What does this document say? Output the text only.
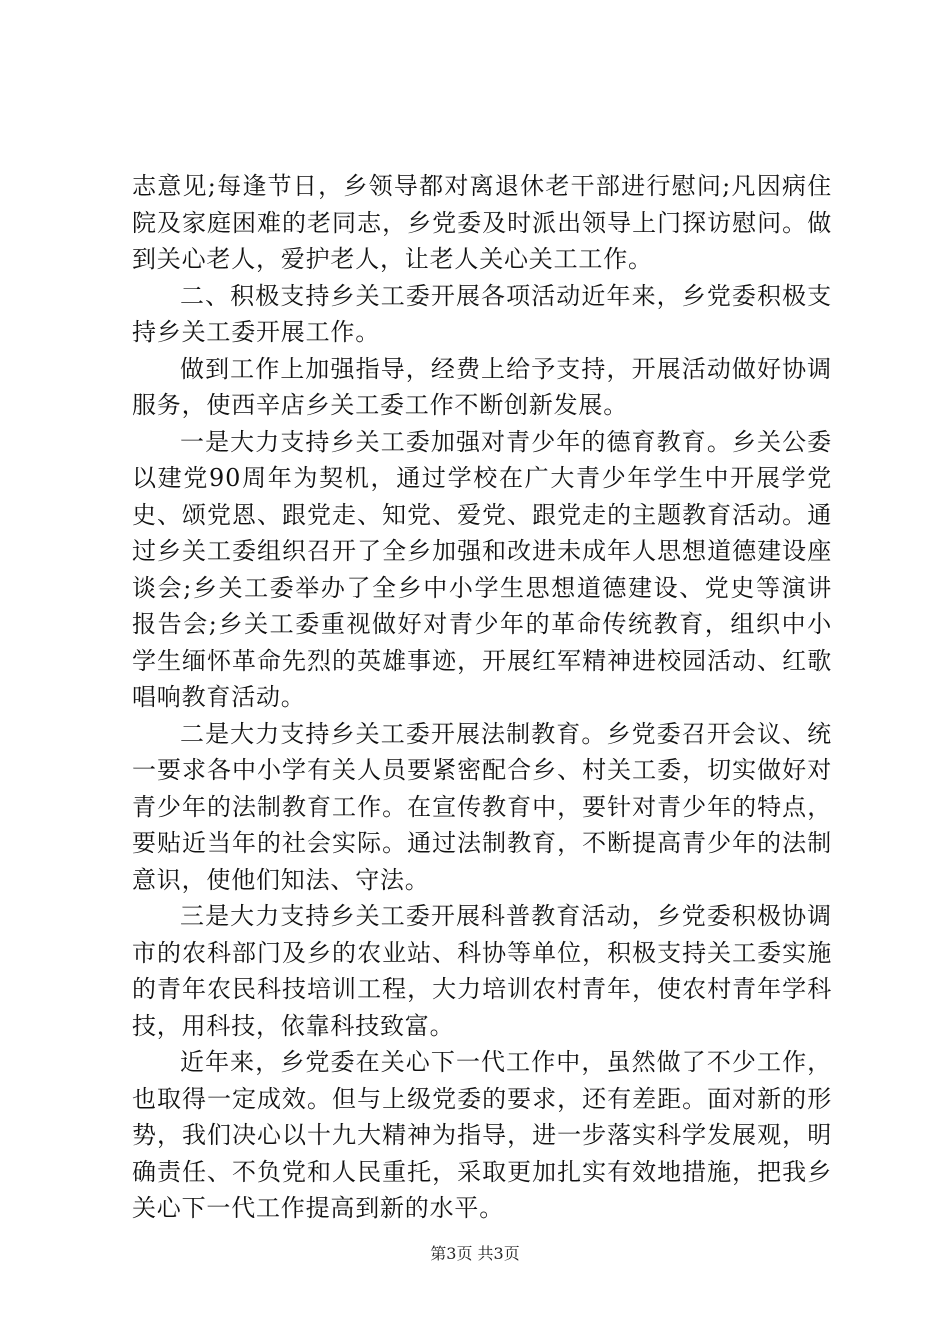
志意见;每逢节日，乡领导都对离退休老干部进行慰问;凡因病住院及家庭困难的老同志，乡党委及时派出领导上门探访慰问。做到关心老人，爱护老人，让老人关心关工工作。

二、积极支持乡关工委开展各项活动近年来，乡党委积极支持乡关工委开展工作。

做到工作上加强指导，经费上给予支持，开展活动做好协调服务，使西辛店乡关工委工作不断创新发展。

一是大力支持乡关工委加强对青少年的德育教育。乡关公委以建党90周年为契机，通过学校在广大青少年学生中开展学党史、颂党恩、跟党走、知党、爱党、跟党走的主题教育活动。通过乡关工委组织召开了全乡加强和改进未成年人思想道德建设座谈会;乡关工委举办了全乡中小学生思想道德建设、党史等演讲报告会;乡关工委重视做好对青少年的革命传统教育，组织中小学生缅怀革命先烈的英雄事迹，开展红军精神进校园活动、红歌唱响教育活动。

二是大力支持乡关工委开展法制教育。乡党委召开会议、统一要求各中小学有关人员要紧密配合乡、村关工委，切实做好对青少年的法制教育工作。在宣传教育中，要针对青少年的特点，要贴近当年的社会实际。通过法制教育，不断提高青少年的法制意识，使他们知法、守法。

三是大力支持乡关工委开展科普教育活动，乡党委积极协调市的农科部门及乡的农业站、科协等单位，积极支持关工委实施的青年农民科技培训工程，大力培训农村青年，使农村青年学科技，用科技，依靠科技致富。

近年来，乡党委在关心下一代工作中，虽然做了不少工作，也取得一定成效。但与上级党委的要求，还有差距。面对新的形势，我们决心以十九大精神为指导，进一步落实科学发展观，明确责任、不负党和人民重托，采取更加扎实有效地措施，把我乡关心下一代工作提高到新的水平。

第3页 共3页
